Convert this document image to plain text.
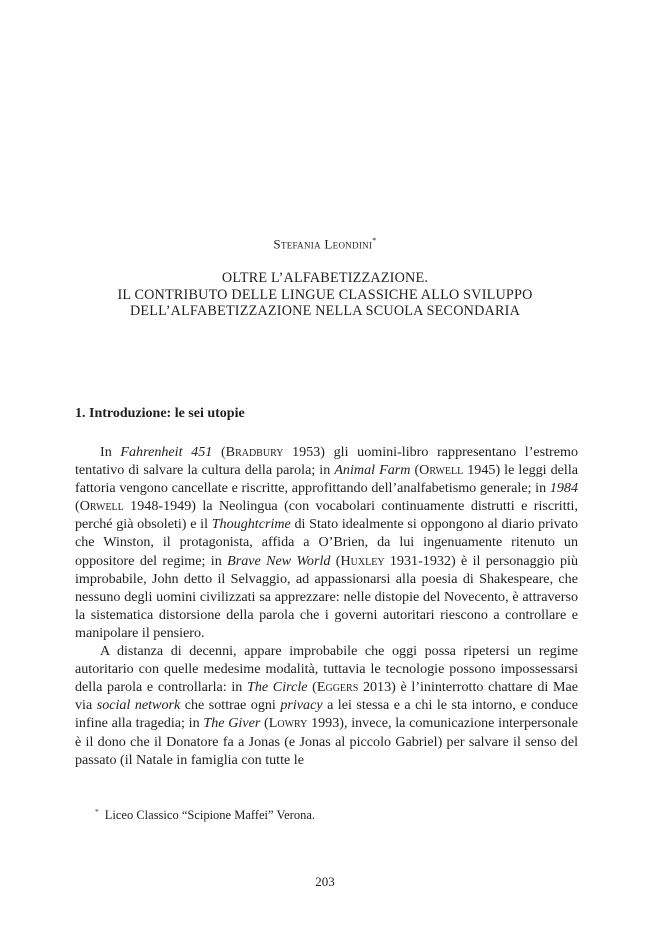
Stefania Leondini*
OLTRE L’ALFABETIZZAZIONE.
IL CONTRIBUTO DELLE LINGUE CLASSICHE ALLO SVILUPPO
DELL’ALFABETIZZAZIONE NELLA SCUOLA SECONDARIA
1. Introduzione: le sei utopie

In Fahrenheit 451 (Bradbury 1953) gli uomini-libro rappresentano l’estremo tentativo di salvare la cultura della parola; in Animal Farm (Orwell 1945) le leggi della fattoria vengono cancellate e riscritte, approfittando dell’analfabetismo generale; in 1984 (Orwell 1948-1949) la Neolingua (con vocabolari continuamente distrutti e riscritti, perché già obsoleti) e il Thoughtcrime di Stato idealmente si oppongono al diario privato che Winston, il protagonista, affida a O’Brien, da lui ingenuamente ritenuto un oppositore del regime; in Brave New World (Huxley 1931-1932) è il personaggio più improbabile, John detto il Selvaggio, ad appassionarsi alla poesia di Shakespeare, che nessuno degli uomini civilizzati sa apprezzare: nelle distopie del Novecento, è attraverso la sistematica distorsione della parola che i governi autoritari riescono a controllare e manipolare il pensiero.

A distanza di decenni, appare improbabile che oggi possa ripetersi un regime autoritario con quelle medesime modalità, tuttavia le tecnologie possono impossessarsi della parola e controllarla: in The Circle (Eggers 2013) è l’ininterrotto chattare di Mae via social network che sottrae ogni privacy a lei stessa e a chi le sta intorno, e conduce infine alla tragedia; in The Giver (Lowry 1993), invece, la comunicazione interpersonale è il dono che il Donatore fa a Jonas (e Jonas al piccolo Gabriel) per salvare il senso del passato (il Natale in famiglia con tutte le

* Liceo Classico “Scipione Maffei” Verona.
203
